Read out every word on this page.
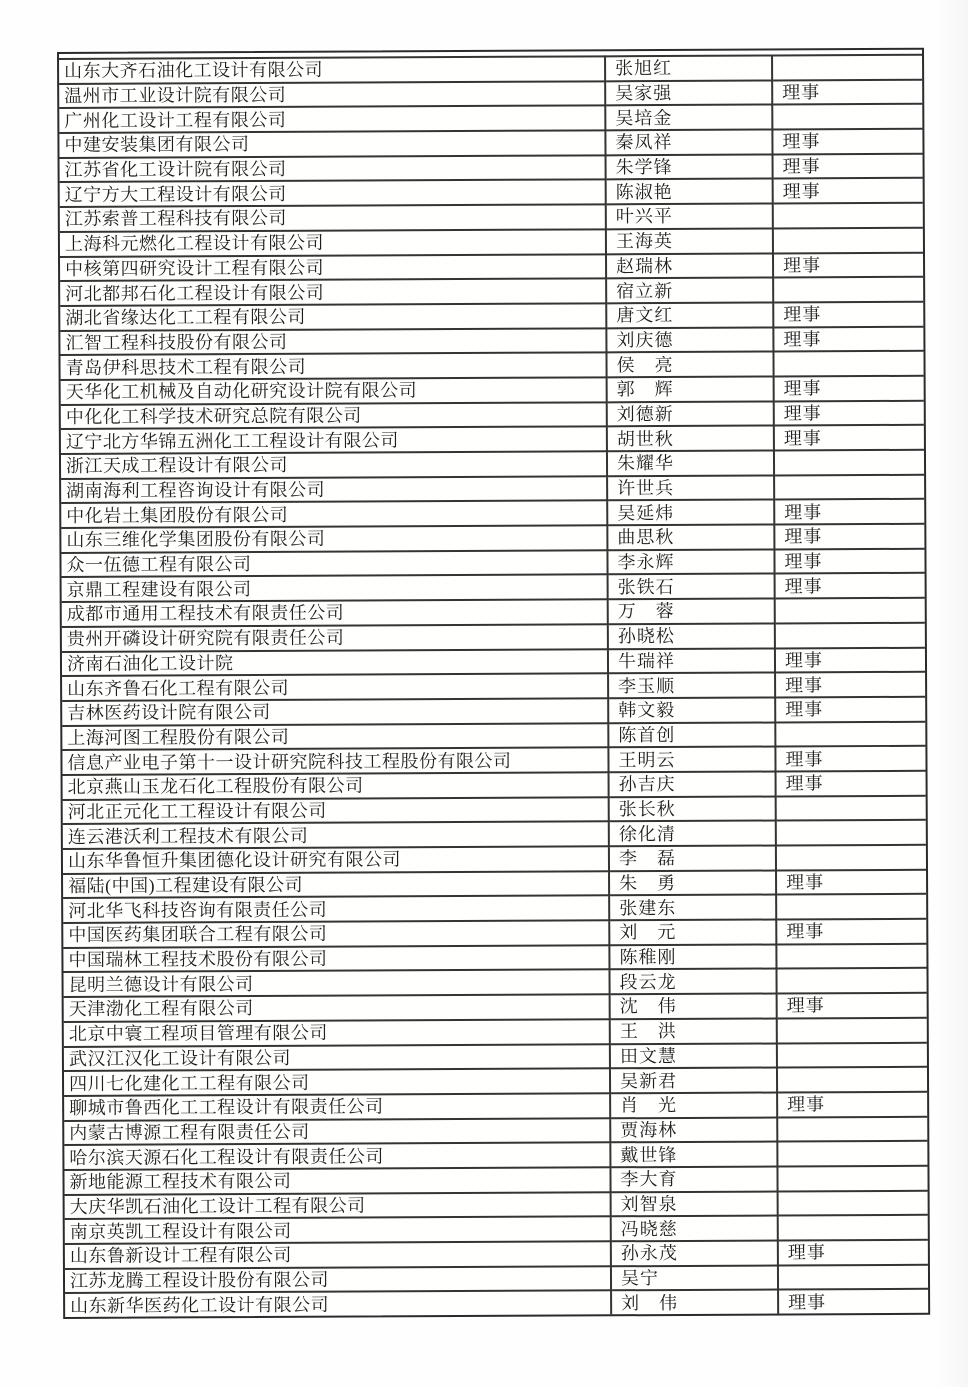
山东大齐石油化工设计有限公司	张旭红	
温州市工业设计院有限公司	吴家强	理事
广州化工设计工程有限公司	吴培金	
中建安装集团有限公司	秦凤祥	理事
江苏省化工设计院有限公司	朱学锋	理事
辽宁方大工程设计有限公司	陈淑艳	理事
江苏索普工程科技有限公司	叶兴平	
上海科元燃化工程设计有限公司	王海英	
中核第四研究设计工程有限公司	赵瑞林	理事
河北都邦石化工程设计有限公司	宿立新	
湖北省缘达化工工程有限公司	唐文红	理事
汇智工程科技股份有限公司	刘庆德	理事
青岛伊科思技术工程有限公司	侯　亮	
天华化工机械及自动化研究设计院有限公司	郭　辉	理事
中化化工科学技术研究总院有限公司	刘德新	理事
辽宁北方华锦五洲化工工程设计有限公司	胡世秋	理事
浙江天成工程设计有限公司	朱耀华	
湖南海利工程咨询设计有限公司	许世兵	
中化岩土集团股份有限公司	吴延炜	理事
山东三维化学集团股份有限公司	曲思秋	理事
众一伍德工程有限公司	李永辉	理事
京鼎工程建设有限公司	张铁石	理事
成都市通用工程技术有限责任公司	万　蓉	
贵州开磷设计研究院有限责任公司	孙晓松	
济南石油化工设计院	牛瑞祥	理事
山东齐鲁石化工程有限公司	李玉顺	理事
吉林医药设计院有限公司	韩文毅	理事
上海河图工程股份有限公司	陈首创	
信息产业电子第十一设计研究院科技工程股份有限公司	王明云	理事
北京燕山玉龙石化工程股份有限公司	孙吉庆	理事
河北正元化工工程设计有限公司	张长秋	
连云港沃利工程技术有限公司	徐化清	
山东华鲁恒升集团德化设计研究有限公司	李　磊	
福陆(中国)工程建设有限公司	朱　勇	理事
河北华飞科技咨询有限责任公司	张建东	
中国医药集团联合工程有限公司	刘　元	理事
中国瑞林工程技术股份有限公司	陈稚刚	
昆明兰德设计有限公司	段云龙	
天津渤化工程有限公司	沈　伟	理事
北京中寰工程项目管理有限公司	王　洪	
武汉江汉化工设计有限公司	田文慧	
四川七化建化工工程有限公司	吴新君	
聊城市鲁西化工工程设计有限责任公司	肖　光	理事
内蒙古博源工程有限责任公司	贾海林	
哈尔滨天源石化工程设计有限责任公司	戴世锋	
新地能源工程技术有限公司	李大育	
大庆华凯石油化工设计工程有限公司	刘智泉	
南京英凯工程设计有限公司	冯晓慈	
山东鲁新设计工程有限公司	孙永茂	理事
江苏龙腾工程设计股份有限公司	吴宁	
山东新华医药化工设计有限公司	刘　伟	理事
